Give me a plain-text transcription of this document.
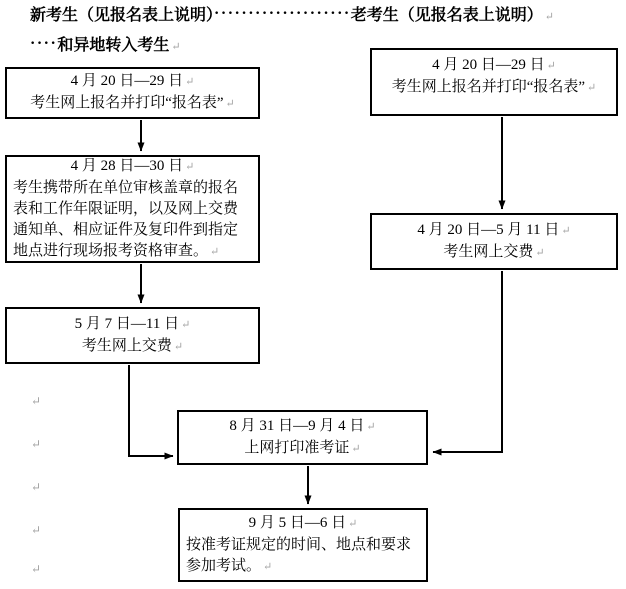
新考生（见报名表上说明）····················老考生（见报名表上说明） ↵
····和异地转入考生 ↵
4 月 20 日—29 日 ↵
考生网上报名并打印“报名表” ↵
4 月 28 日—30 日 ↵
考生携带所在单位审核盖章的报名表和工作年限证明，以及网上交费通知单、相应证件及复印件到指定地点进行现场报考资格审查。 ↵
5 月 7 日—11 日 ↵
考生网上交费 ↵
4 月 20 日—29 日 ↵
考生网上报名并打印“报名表” ↵
4 月 20 日—5 月 11 日 ↵
考生网上交费 ↵
8 月 31 日—9 月 4 日 ↵
上网打印准考证 ↵
9 月 5 日—6 日 ↵
按准考证规定的时间、地点和要求参加考试。 ↵
↵
↵
↵
↵
↵
